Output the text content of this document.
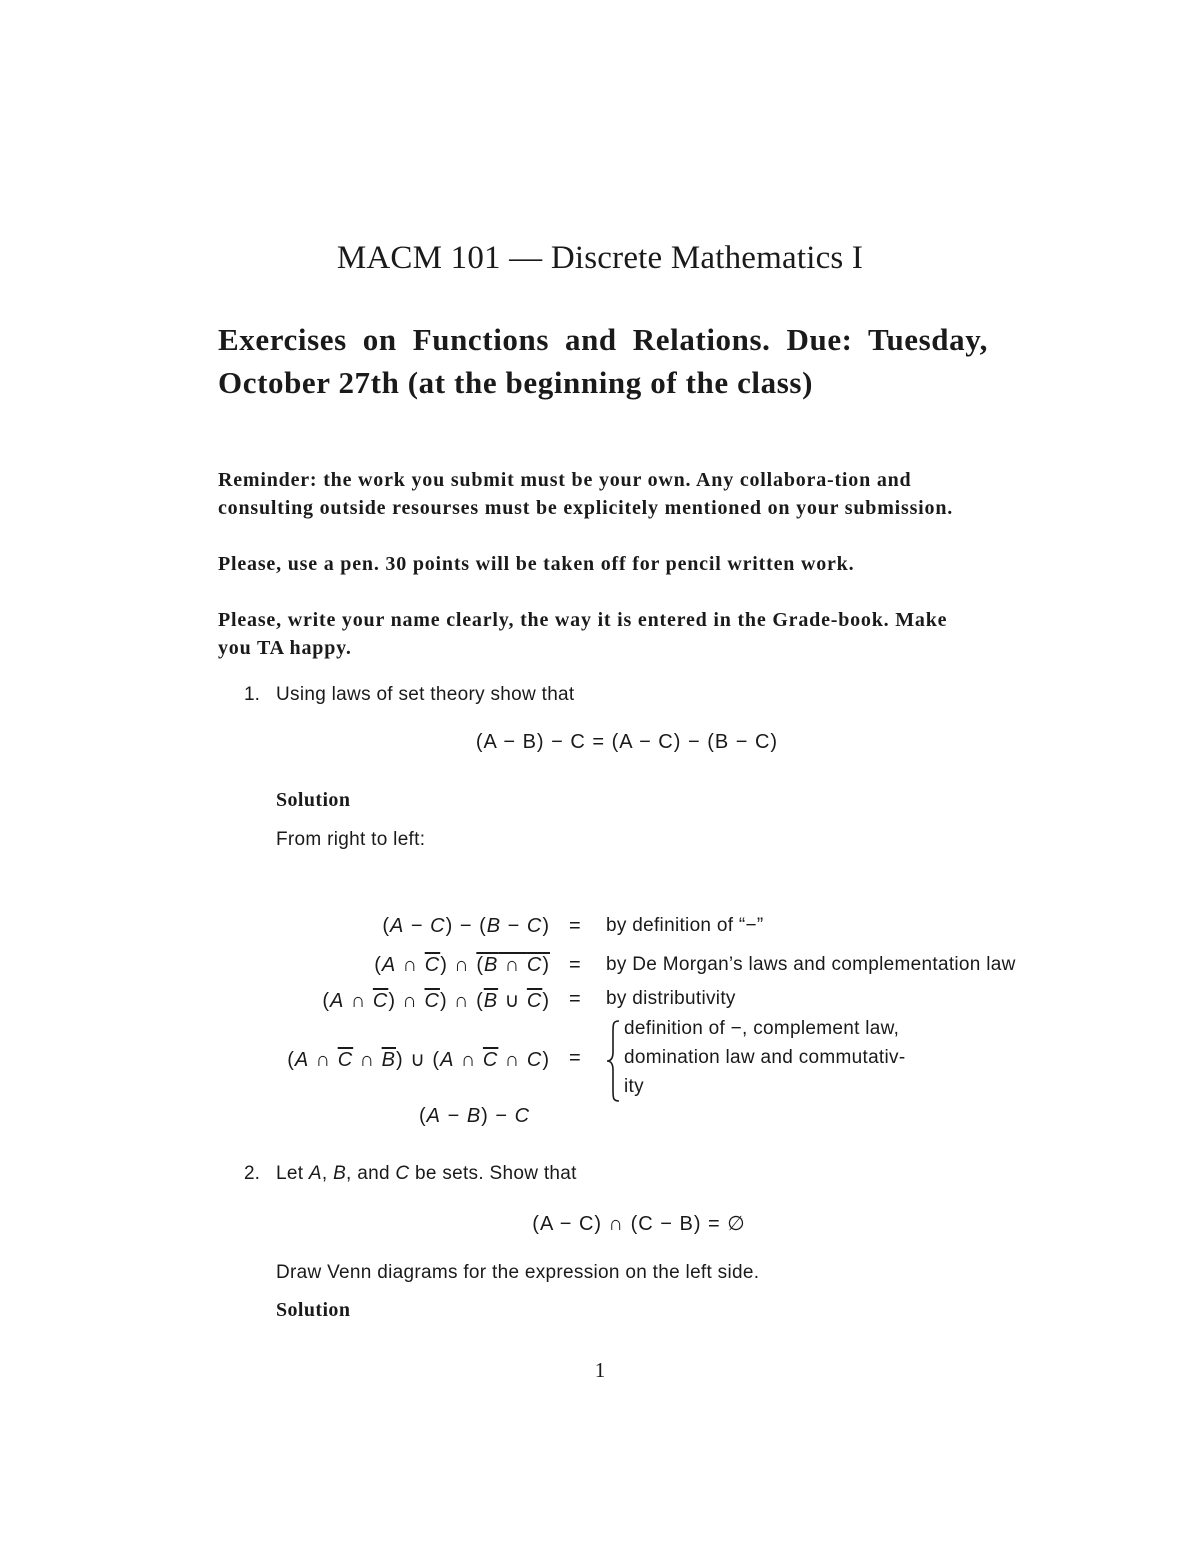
MACM 101 — Discrete Mathematics I
Exercises on Functions and Relations. Due: Tuesday, October 27th (at the beginning of the class)
Reminder: the work you submit must be your own. Any collabora-tion and consulting outside resourses must be explicitely mentioned on your submission.
Please, use a pen. 30 points will be taken off for pencil written work.
Please, write your name clearly, the way it is entered in the Grade-book. Make you TA happy.
1. Using laws of set theory show that
(A − B) − C = (A − C) − (B − C)
Solution
From right to left:
(A − C) − (B − C) = by definition of “−”
(A ∩ $\overline{C}$) ∩ (B ∩ C) = by De Morgan’s laws and complementation law
(A ∩ $\overline{C}$) ∩ $\overline{C}$) ∩ ($\overline{B}$ ∪ $\overline{C}$) = by distributivity
(A ∩ $\overline{C}$ ∩ $\overline{B}$) ∪ (A ∩ $\overline{C}$ ∩ C) =
definition of −, complement law,
domination law and commutativ-
ity
(A − B) − C
2. Let A, B, and C be sets. Show that
(A − C) ∩ (C − B) = ∅
Draw Venn diagrams for the expression on the left side.
Solution
1
